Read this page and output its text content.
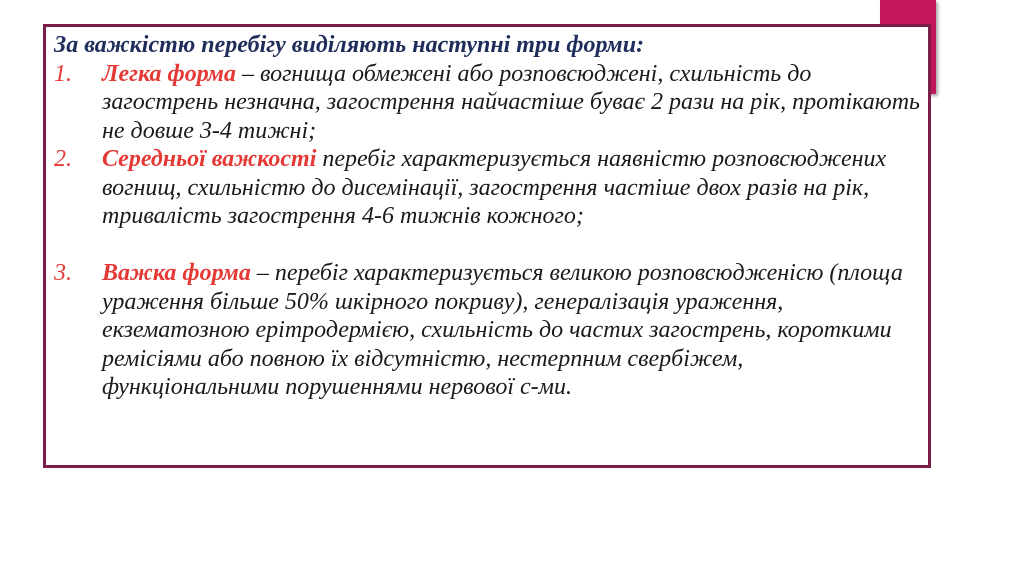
За важкістю перебігу виділяють наступні три форми:

1. Легка форма – вогнища обмежені або розповсюджені, схильність до загострень незначна, загострення найчастіше буває 2 рази на рік, протікають не довше 3-4 тижні;

2. Середньої важкості перебіг характеризується наявністю розповсюджених вогнищ, схильністю до дисемінації, загострення частіше двох разів на рік, тривалість загострення 4-6 тижнів кожного;

3. Важка форма – перебіг характеризується великою розповсюдженісю (площа ураження більше 50% шкірного покриву), генералізація ураження, екзематозною ерітродермією, схильність до частих загострень, короткими ремісіями або повною їх відсутністю, нестерпним свербіжем, функціональними порушеннями нервової с-ми.
